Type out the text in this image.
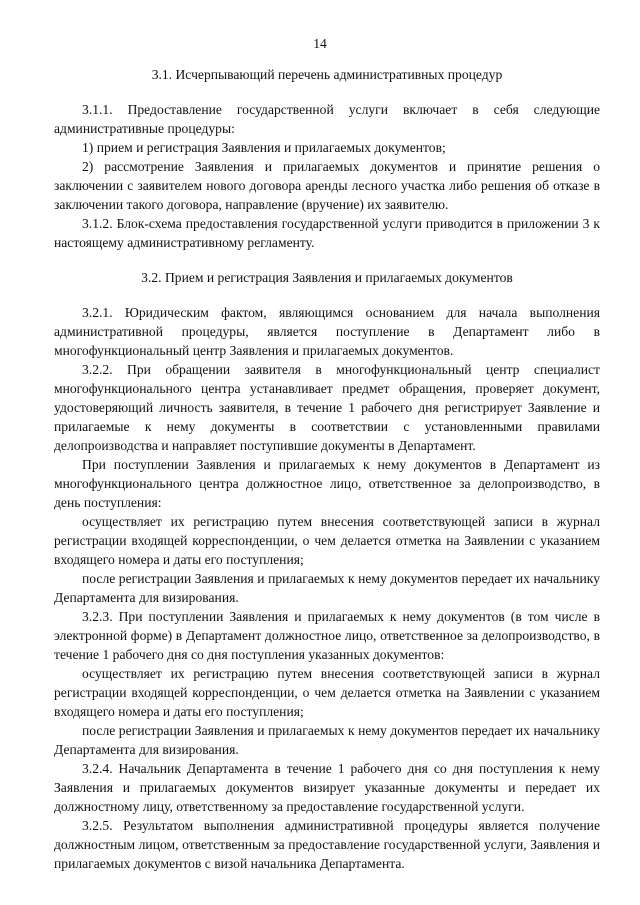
14
3.1. Исчерпывающий перечень административных процедур

3.1.1. Предоставление государственной услуги включает в себя следующие административные процедуры:

1) прием и регистрация Заявления и прилагаемых документов;

2) рассмотрение Заявления и прилагаемых документов и принятие решения о заключении с заявителем нового договора аренды лесного участка либо решения об отказе в заключении такого договора, направление (вручение) их заявителю.

3.1.2. Блок-схема предоставления государственной услуги приводится в приложении 3 к настоящему административному регламенту.

3.2. Прием и регистрация Заявления и прилагаемых документов

3.2.1. Юридическим фактом, являющимся основанием для начала выполнения административной процедуры, является поступление в Департамент либо в многофункциональный центр Заявления и прилагаемых документов.

3.2.2. При обращении заявителя в многофункциональный центр специалист многофункционального центра устанавливает предмет обращения, проверяет документ, удостоверяющий личность заявителя, в течение 1 рабочего дня регистрирует Заявление и прилагаемые к нему документы в соответствии с установленными правилами делопроизводства и направляет поступившие документы в Департамент.

При поступлении Заявления и прилагаемых к нему документов в Департамент из многофункционального центра должностное лицо, ответственное за делопроизводство, в день поступления:

осуществляет их регистрацию путем внесения соответствующей записи в журнал регистрации входящей корреспонденции, о чем делается отметка на Заявлении с указанием входящего номера и даты его поступления;

после регистрации Заявления и прилагаемых к нему документов передает их начальнику Департамента для визирования.

3.2.3. При поступлении Заявления и прилагаемых к нему документов (в том числе в электронной форме) в Департамент должностное лицо, ответственное за делопроизводство, в течение 1 рабочего дня со дня поступления указанных документов:

осуществляет их регистрацию путем внесения соответствующей записи в журнал регистрации входящей корреспонденции, о чем делается отметка на Заявлении с указанием входящего номера и даты его поступления;

после регистрации Заявления и прилагаемых к нему документов передает их начальнику Департамента для визирования.

3.2.4. Начальник Департамента в течение 1 рабочего дня со дня поступления к нему Заявления и прилагаемых документов визирует указанные документы и передает их должностному лицу, ответственному за предоставление государственной услуги.

3.2.5. Результатом выполнения административной процедуры является получение должностным лицом, ответственным за предоставление государственной услуги, Заявления и прилагаемых документов с визой начальника Департамента.
